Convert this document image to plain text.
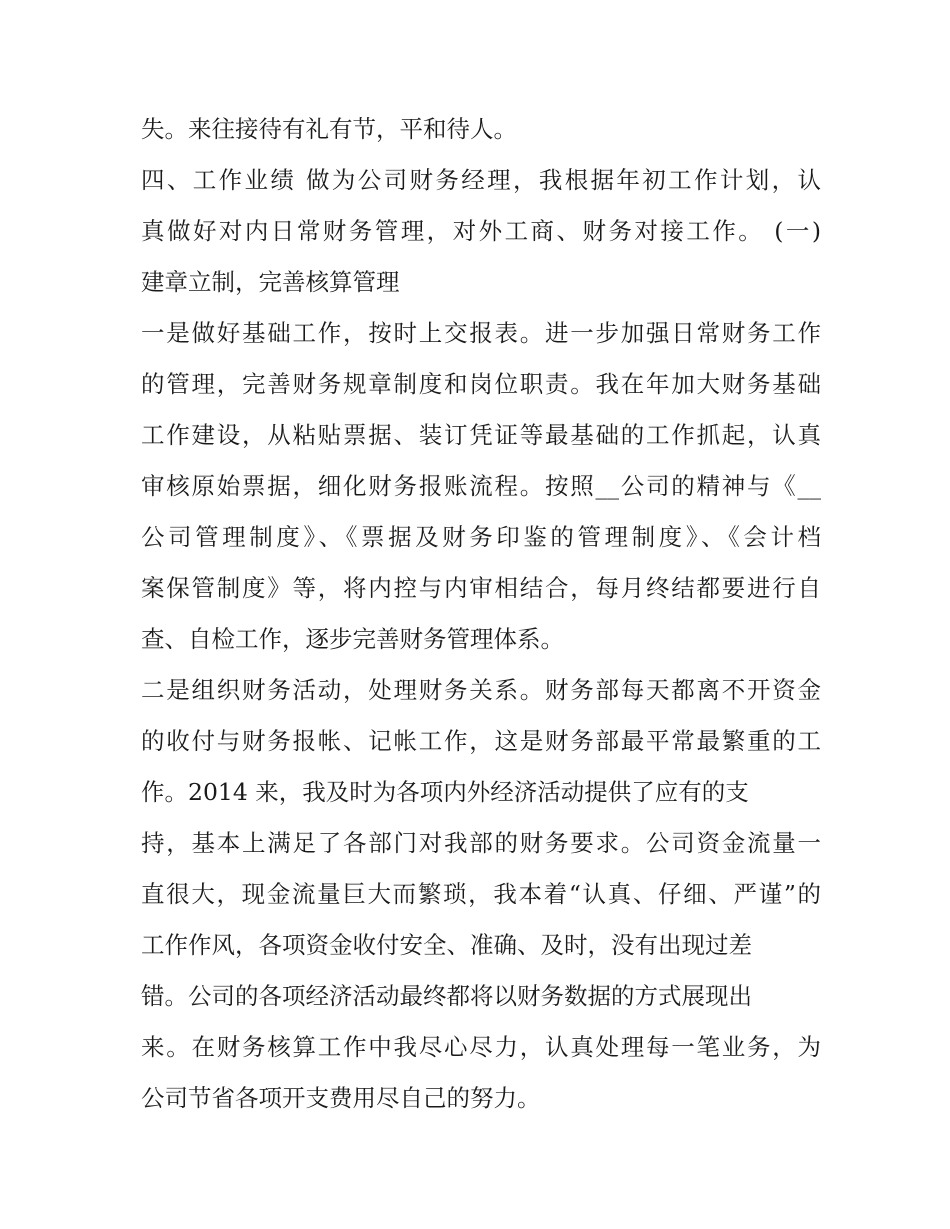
失。来往接待有礼有节，平和待人。
四、工作业绩 做为公司财务经理，我根据年初工作计划，认
真做好对内日常财务管理，对外工商、财务对接工作。 (一)
建章立制，完善核算管理
一是做好基础工作，按时上交报表。进一步加强日常财务工作
的管理，完善财务规章制度和岗位职责。我在年加大财务基础
工作建设，从粘贴票据、装订凭证等最基础的工作抓起，认真
审核原始票据，细化财务报账流程。按照__公司的精神与《__
公司管理制度》、《票据及财务印鉴的管理制度》、《会计档
案保管制度》等，将内控与内审相结合，每月终结都要进行自
查、自检工作，逐步完善财务管理体系。
二是组织财务活动，处理财务关系。财务部每天都离不开资金
的收付与财务报帐、记帐工作，这是财务部最平常最繁重的工
作。2014 来，我及时为各项内外经济活动提供了应有的支
持，基本上满足了各部门对我部的财务要求。公司资金流量一
直很大，现金流量巨大而繁琐，我本着“认真、仔细、严谨”的
工作作风，各项资金收付安全、准确、及时，没有出现过差
错。公司的各项经济活动最终都将以财务数据的方式展现出
来。在财务核算工作中我尽心尽力，认真处理每一笔业务，为
公司节省各项开支费用尽自己的努力。
